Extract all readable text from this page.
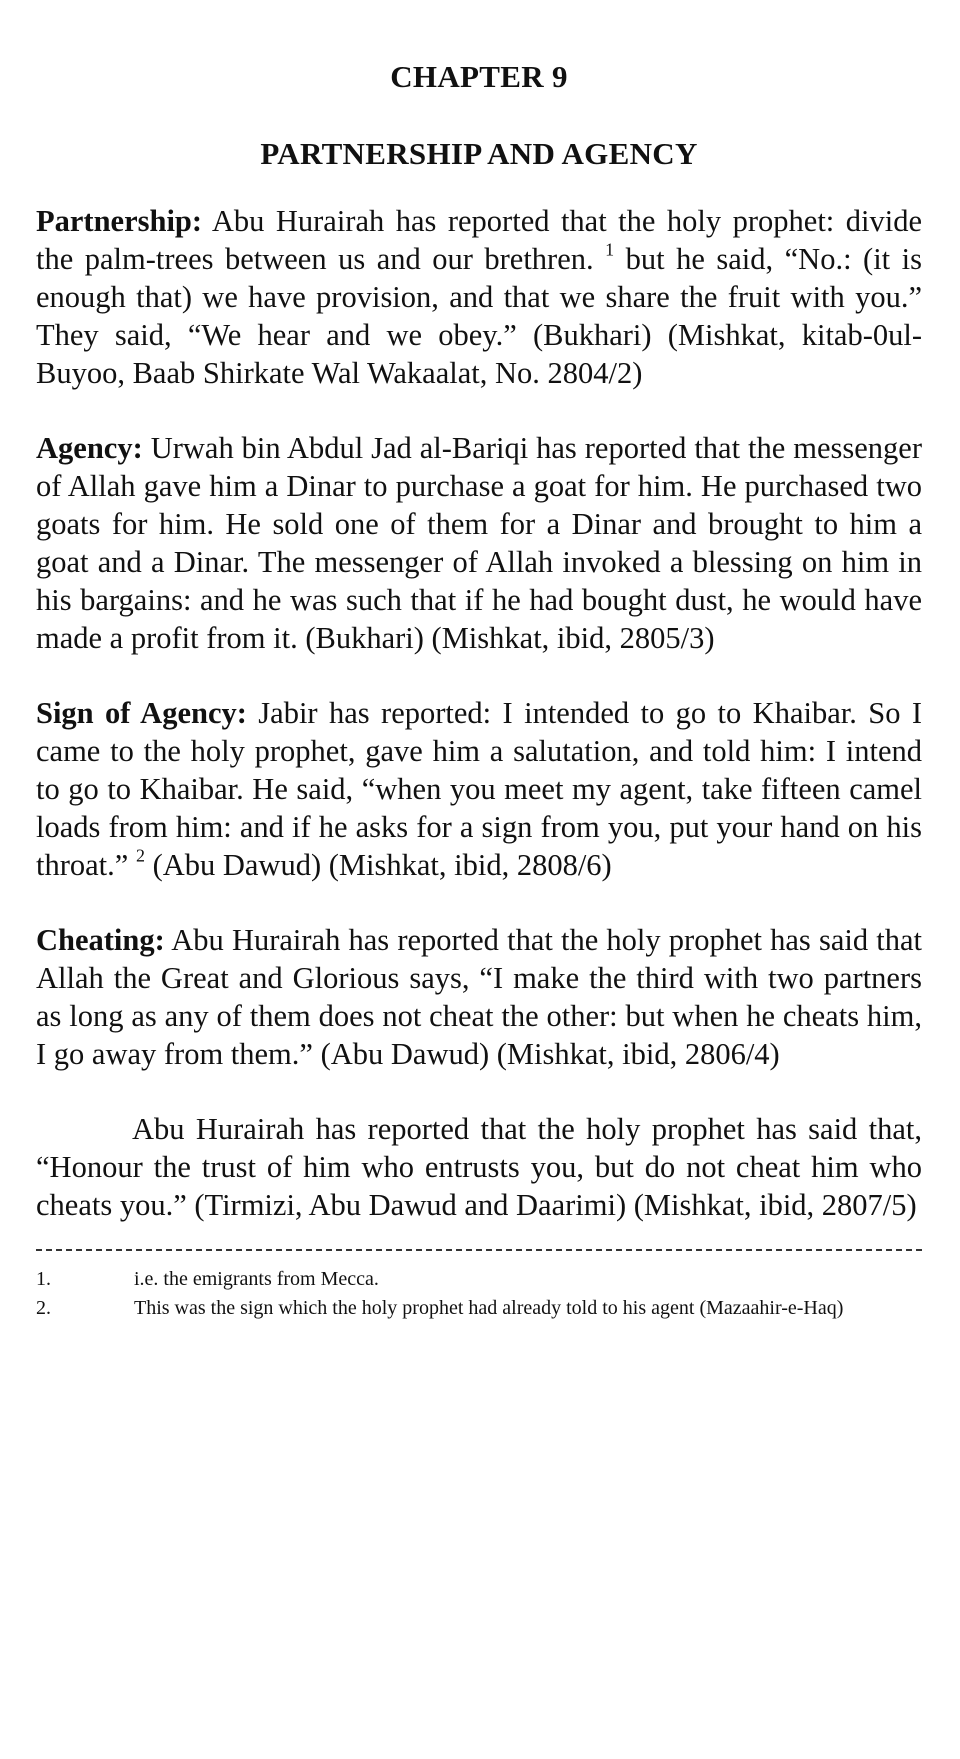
CHAPTER 9
PARTNERSHIP AND AGENCY

Partnership: Abu Hurairah has reported that the holy prophet: divide the palm-trees between us and our brethren. $^1$ but he said, “No.: (it is enough that) we have provision, and that we share the fruit with you.” They said, “We hear and we obey.” (Bukhari) (Mishkat, kitab-0ul-Buyoo, Baab Shirkate Wal Wakaalat, No. 2804/2)

Agency: Urwah bin Abdul Jad al-Bariqi has reported that the messenger of Allah gave him a Dinar to purchase a goat for him. He purchased two goats for him. He sold one of them for a Dinar and brought to him a goat and a Dinar. The messenger of Allah invoked a blessing on him in his bargains: and he was such that if he had bought dust, he would have made a profit from it. (Bukhari) (Mishkat, ibid, 2805/3)

Sign of Agency: Jabir has reported: I intended to go to Khaibar. So I came to the holy prophet, gave him a salutation, and told him: I intend to go to Khaibar. He said, “when you meet my agent, take fifteen camel loads from him: and if he asks for a sign from you, put your hand on his throat.” $^2$ (Abu Dawud) (Mishkat, ibid, 2808/6)

Cheating: Abu Hurairah has reported that the holy prophet has said that Allah the Great and Glorious says, “I make the third with two partners as long as any of them does not cheat the other: but when he cheats him, I go away from them.” (Abu Dawud) (Mishkat, ibid, 2806/4)

Abu Hurairah has reported that the holy prophet has said that, “Honour the trust of him who entrusts you, but do not cheat him who cheats you.” (Tirmizi, Abu Dawud and Daarimi) (Mishkat, ibid, 2807/5)

1.	i.e. the emigrants from Mecca.
2.	This was the sign which the holy prophet had already told to his agent (Mazaahir-e-Haq)
